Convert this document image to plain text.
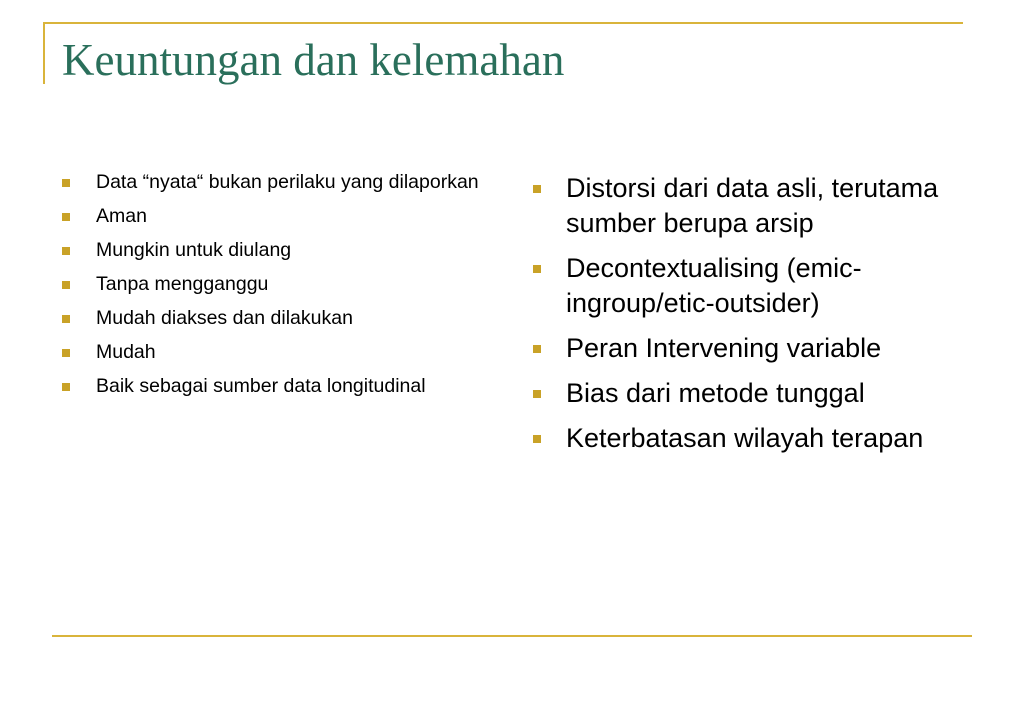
Keuntungan dan kelemahan
Data “nyata“ bukan perilaku yang dilaporkan
Aman
Mungkin untuk diulang
Tanpa mengganggu
Mudah diakses dan dilakukan
Mudah
Baik sebagai sumber data longitudinal
Distorsi dari data asli, terutama sumber berupa arsip
Decontextualising (emic-ingroup/etic-outsider)
Peran Intervening variable
Bias dari metode tunggal
Keterbatasan wilayah terapan
